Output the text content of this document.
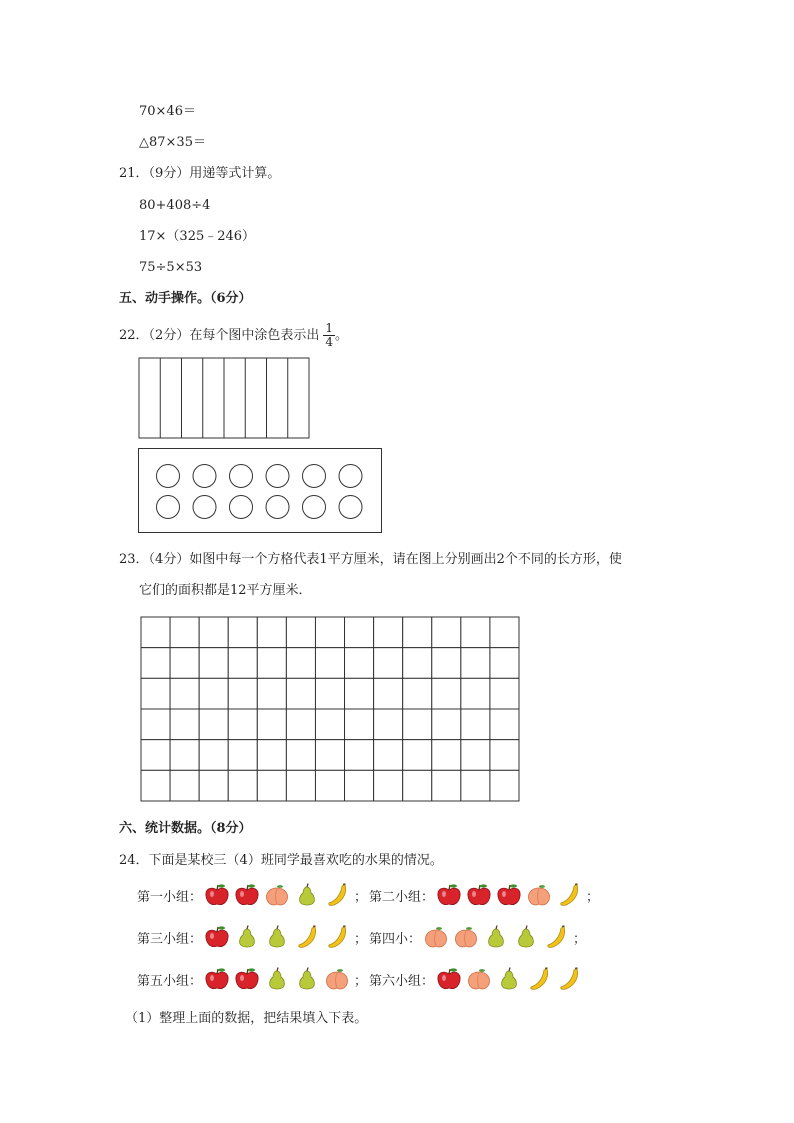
70×46＝
△87×35＝
21．（9分）用递等式计算。
80+408÷4
17×（325﹣246）
75÷5×53
五、动手操作。（6分）
22．（2分）在每个图中涂色表示出 $\frac{1}{4}$ 。
23．（4分）如图中每一个方格代表1平方厘米，请在图上分别画出2个不同的长方形，使
它们的面积都是12平方厘米．
六、统计数据。（8分）
24．下面是某校三（4）班同学最喜欢吃的水果的情况。
第一小组：	； 第二小组：	；
第三小组：	； 第四小：	；
第五小组：	； 第六小组：
（1）整理上面的数据，把结果填入下表。
